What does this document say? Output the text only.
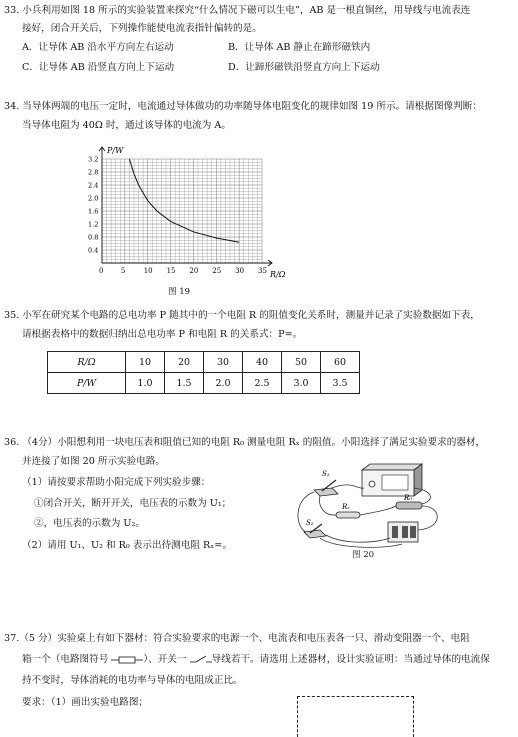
33. 小兵利用如图 18 所示的实验装置来探究“什么情况下磁可以生电”，AB 是一根直铜丝，用导线与电流表连
接好，闭合开关后，下列操作能使电流表指针偏转的是。
A．让导体 AB 沿水平方向左右运动	B．让导体 AB 静止在蹄形磁铁内
C．让导体 AB 沿竖直方向上下运动	D．让蹄形磁铁沿竖直方向上下运动
34. 当导体两端的电压一定时，电流通过导体做功的功率随导体电阻变化的规律如图 19 所示。请根据图像判断：
当导体电阻为 40Ω 时，通过该导体的电流为 A。
0 5	10 15 20 25 30 35
0.4
0.8
1.2
1.6
2.0
2.4
2.8
3.2
P/W
R/Ω
图 19
35. 小军在研究某个电路的总电功率 P 随其中的一个电阻 R 的阻值变化关系时，测量并记录了实验数据如下表，
请根据表格中的数据归纳出总电功率 P 和电阻 R 的关系式：P=。
R/Ω	10	20	30	40	50	60
P/W	1.0	1.5	2.0	2.5	3.0	3.5
36. （4分）小阳想利用一块电压表和阻值已知的电阻 R₀ 测量电阻 Rₓ 的阻值。小阳选择了满足实验要求的器材，
并连接了如图 20 所示实验电路。
（1）请按要求帮助小阳完成下列实验步骤：
①闭合开关，断开开关，电压表的示数为 U₁；
②，电压表的示数为 U₂。
（2）请用 U₁、U₂ 和 R₀ 表示出待测电阻 Rₓ=。
S₁
R₀
Rₓ
S₂
图 20
37.（5 分）实验桌上有如下器材：符合实验要求的电源一个、电流表和电压表各一只、滑动变阻器一个、电阻
箱一个（电路图符号	）、开关一	导线若干。请选用上述器材，设计实验证明：当通过导体的电流保
持不变时，导体消耗的电功率与导体的电阻成正比。
要求：（1）画出实验电路图；
